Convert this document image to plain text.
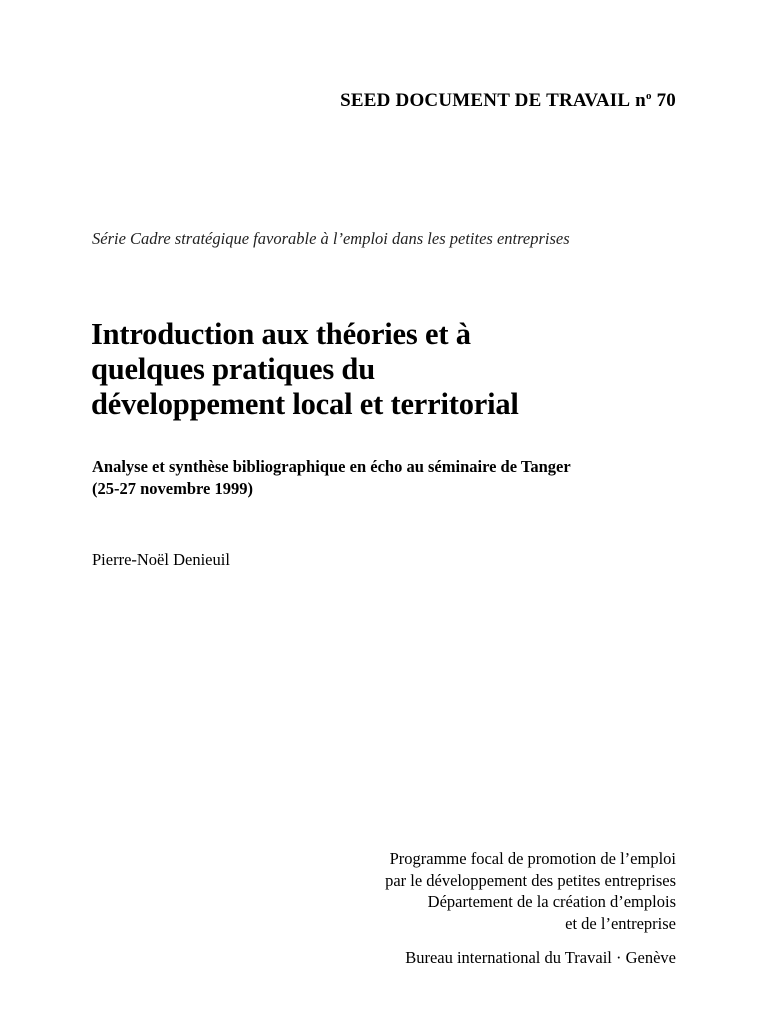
SEED DOCUMENT DE TRAVAIL $n^o$ 70
Série Cadre stratégique favorable à l’emploi dans les petites entreprises
Introduction aux théories et à
quelques pratiques du
développement local et territorial
Analyse et synthèse bibliographique en écho au séminaire de Tanger
(25-27 novembre 1999)
Pierre-Noël Denieuil
Programme focal de promotion de l’emploi
par le développement des petites entreprises
Département de la création d’emplois
et de l’entreprise
Bureau international du Travail · Genève
